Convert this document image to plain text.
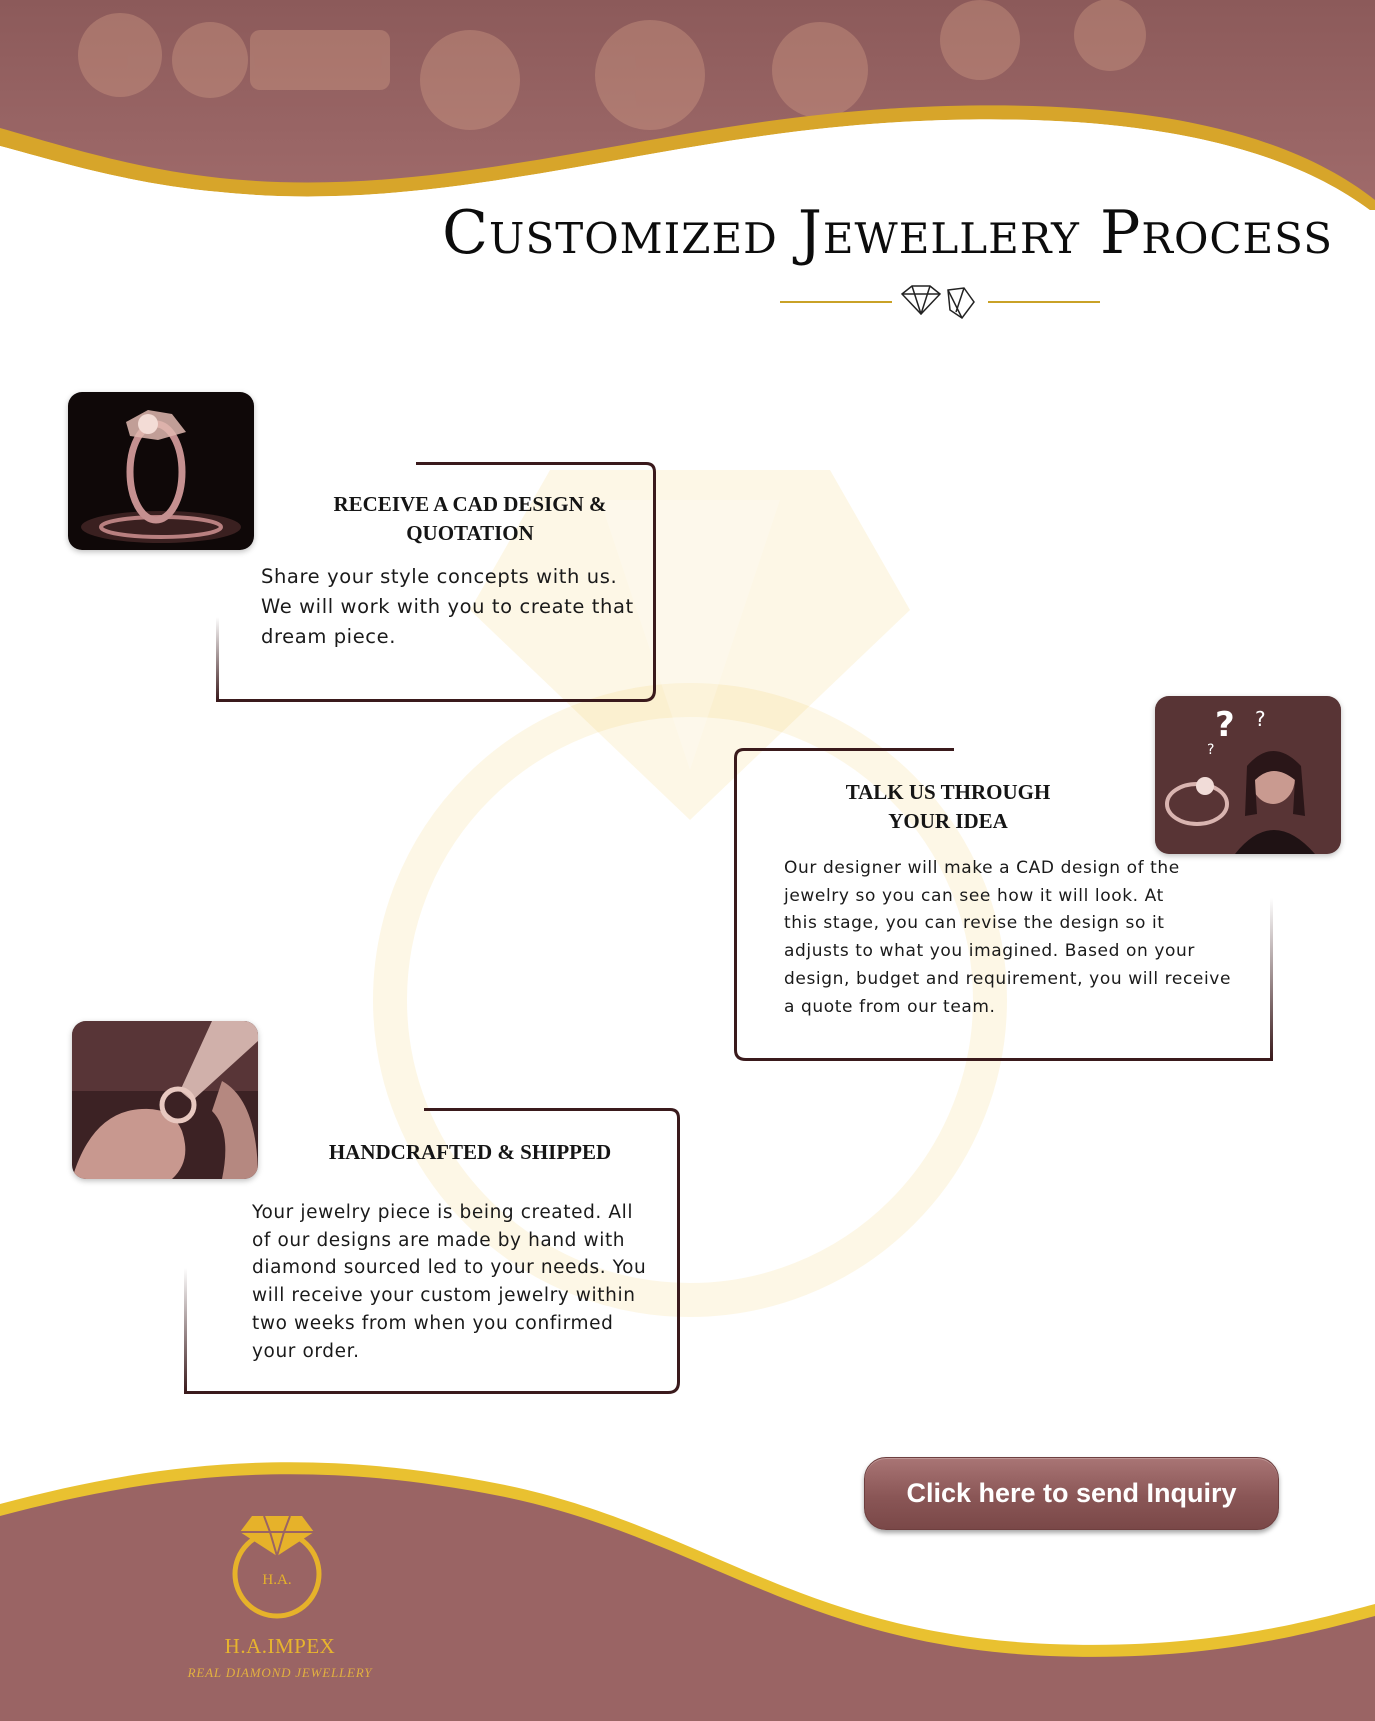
Customized Jewellery Process
RECEIVE A CAD DESIGN &
QUOTATION
Share your style concepts with us.
We will work with you to create that
dream piece.
? ?
?
TALK US THROUGH
YOUR IDEA
Our designer will make a CAD design of the
jewelry so you can see how it will look. At
this stage, you can revise the design so it
adjusts to what you imagined. Based on your
design, budget and requirement, you will receive
a quote from our team.
HANDCRAFTED & SHIPPED
Your jewelry piece is being created. All
of our designs are made by hand with
diamond sourced led to your needs. You
will receive your custom jewelry within
two weeks from when you confirmed
your order.
Click here to send Inquiry
H.A.
H.A.IMPEX
REAL DIAMOND JEWELLERY
